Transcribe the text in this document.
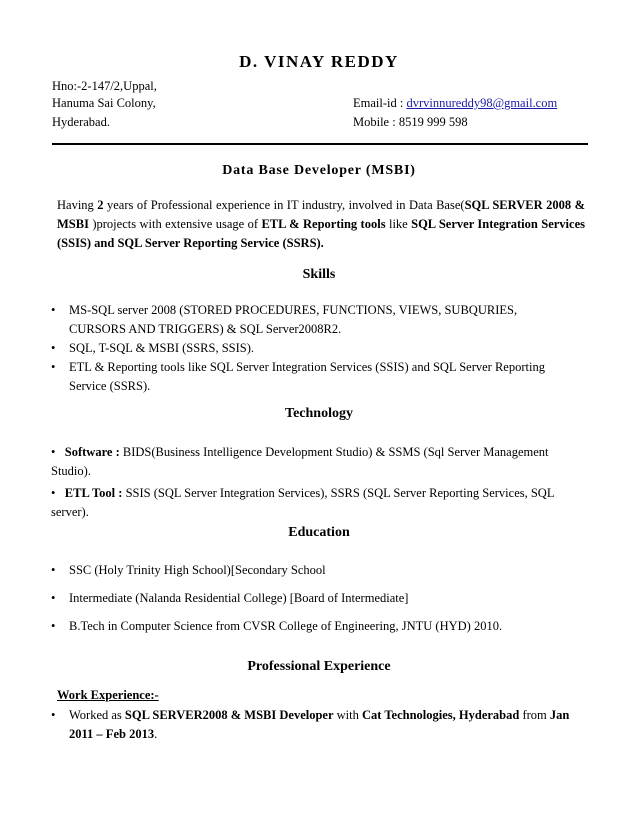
D. VINAY REDDY
Hno:-2-147/2,Uppal,
Hanuma Sai Colony,
Hyderabad.
Email-id : dvrvinnureddy98@gmail.com
Mobile : 8519 999 598
Data Base Developer (MSBI)
Having 2 years of Professional experience in IT industry, involved in Data Base(SQL SERVER 2008 & MSBI )projects with extensive usage of ETL & Reporting tools like SQL Server Integration Services (SSIS) and SQL Server Reporting Service (SSRS).
Skills
• MS-SQL server 2008 (STORED PROCEDURES, FUNCTIONS, VIEWS, SUBQURIES, CURSORS AND TRIGGERS) & SQL Server2008R2.
• SQL, T-SQL & MSBI (SSRS, SSIS).
• ETL & Reporting tools like SQL Server Integration Services (SSIS) and SQL Server Reporting Service (SSRS).
Technology
• Software : BIDS(Business Intelligence Development Studio) & SSMS (Sql Server Management Studio).
• ETL Tool : SSIS (SQL Server Integration Services), SSRS (SQL Server Reporting Services, SQL server).
Education
• SSC (Holy Trinity High School)[Secondary School
• Intermediate (Nalanda Residential College) [Board of Intermediate]
• B.Tech in Computer Science from CVSR College of Engineering, JNTU (HYD) 2010.
Professional Experience
Work Experience:-
• Worked as SQL SERVER2008 & MSBI Developer with Cat Technologies, Hyderabad from Jan 2011 – Feb 2013.
